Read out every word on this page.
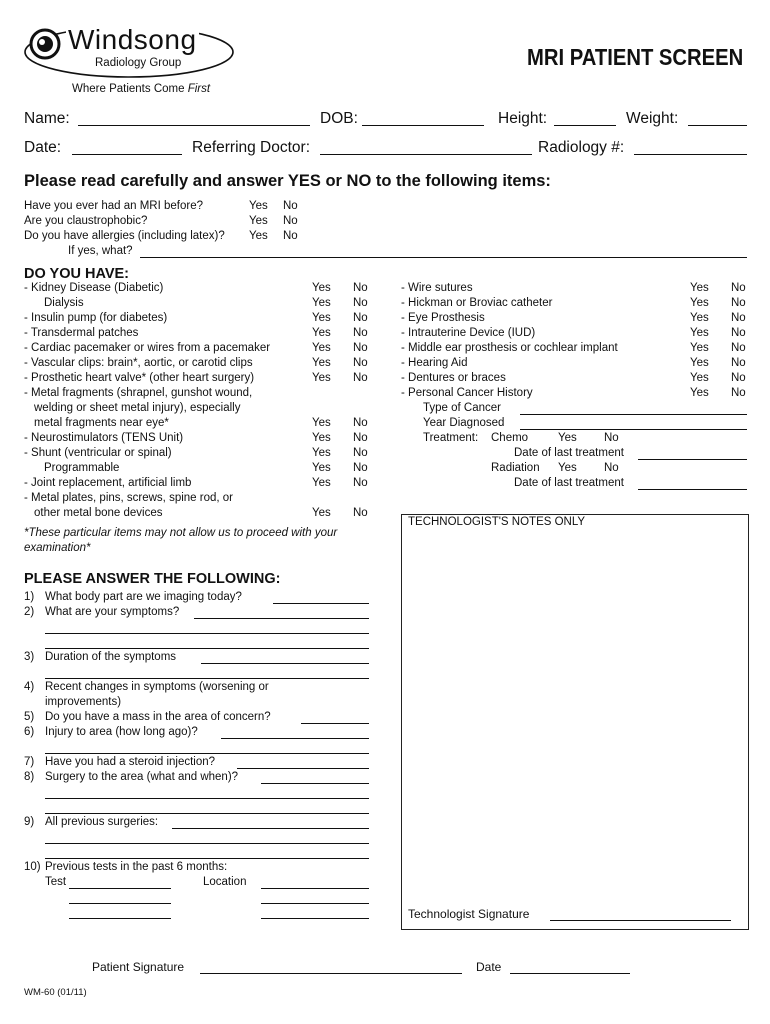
Windsong
Radiology Group
Where Patients Come First
MRI PATIENT SCREEN
Name:	DOB:	Height:	Weight:
Date:	Referring Doctor:	Radiology #:
Please read carefully and answer YES or NO to the following items:
Have you ever had an MRI before?	Yes No
Are you claustrophobic?	Yes No
Do you have allergies (including latex)? Yes No
If yes, what?
DO YOU HAVE:
- Kidney Disease (Diabetic)	Yes No
Dialysis	Yes No
- Insulin pump (for diabetes)	Yes No
- Transdermal patches	Yes No
- Cardiac pacemaker or wires from a pacemaker	Yes No
- Vascular clips: brain*, aortic, or carotid clips	Yes No
- Prosthetic heart valve* (other heart surgery)	Yes No
- Metal fragments (shrapnel, gunshot wound,
welding or sheet metal injury), especially
metal fragments near eye*	Yes No
- Neurostimulators (TENS Unit)	Yes No
- Shunt (ventricular or spinal)	Yes No
Programmable	Yes No
- Joint replacement, artificial limb	Yes No
- Metal plates, pins, screws, spine rod, or
other metal bone devices	Yes No
*These particular items may not allow us to proceed with your
examination*
- Wire sutures	Yes No
- Hickman or Broviac catheter	Yes No
- Eye Prosthesis	Yes No
- Intrauterine Device (IUD)	Yes No
- Middle ear prosthesis or cochlear implant	Yes No
- Hearing Aid	Yes No
- Dentures or braces	Yes No
- Personal Cancer History	Yes No
Type of Cancer
Year Diagnosed
Treatment: Chemo	Yes No
Date of last treatment
Radiation Yes No
Date of last treatment
TECHNOLOGIST'S NOTES ONLY
Technologist Signature
PLEASE ANSWER THE FOLLOWING:
1) What body part are we imaging today?
2) What are your symptoms?
3) Duration of the symptoms
4) Recent changes in symptoms (worsening or
improvements)
5) Do you have a mass in the area of concern?
6) Injury to area (how long ago)?
7) Have you had a steroid injection?
8) Surgery to the area (what and when)?
9) All previous surgeries:
10) Previous tests in the past 6 months:
Test	Location
Patient Signature	Date
WM-60 (01/11)
